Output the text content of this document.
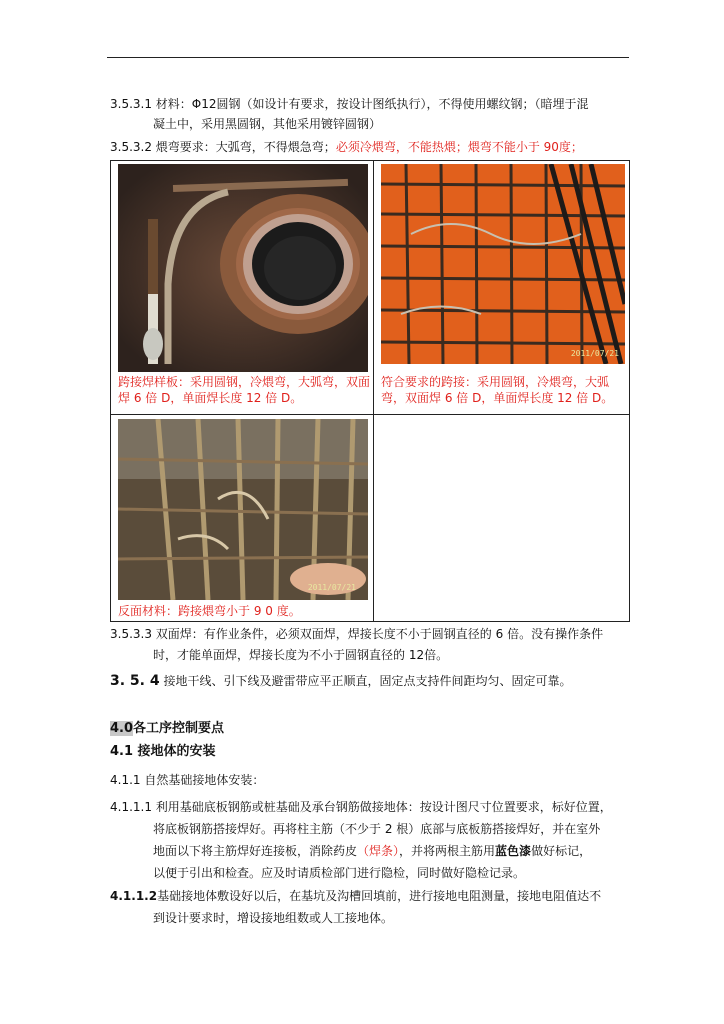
3.5.3.1 材料：Φ12圆钢（如设计有要求，按设计图纸执行），不得使用螺纹钢；（暗埋于混
凝土中，采用黑圆钢，其他采用镀锌圆钢）
3.5.3.2 煨弯要求：大弧弯，不得煨急弯；必须冷煨弯，不能热煨；煨弯不能小于 90度；
跨接焊样板：采用圆钢，冷煨弯，大弧弯，双面焊 6 倍 D，单面焊长度 12 倍 D。
2011/07/21
符合要求的跨接：采用圆钢，冷煨弯，大弧弯，双面焊 6 倍 D，单面焊长度 12 倍 D。
2011/07/21
反面材料：跨接煨弯小于 9 0 度。
3.5.3.3 双面焊：有作业条件，必须双面焊，焊接长度不小于圆钢直径的 6 倍。没有操作条件
时，才能单面焊，焊接长度为不小于圆钢直径的 12倍。
3. 5. 4 接地干线、引下线及避雷带应平正顺直，固定点支持件间距均匀、固定可靠。
4.0各工序控制要点
4.1 接地体的安装
4.1.1 自然基础接地体安装：
4.1.1.1 利用基础底板钢筋或桩基础及承台钢筋做接地体：按设计图尺寸位置要求，标好位置，
将底板钢筋搭接焊好。再将柱主筋（不少于 2 根）底部与底板筋搭接焊好，并在室外
地面以下将主筋焊好连接板，消除药皮（焊条），并将两根主筋用蓝色漆做好标记，
以便于引出和检查。应及时请质检部门进行隐检，同时做好隐检记录。
4.1.1.2基础接地体敷设好以后，在基坑及沟槽回填前，进行接地电阻测量，接地电阻值达不
到设计要求时，增设接地组数或人工接地体。
